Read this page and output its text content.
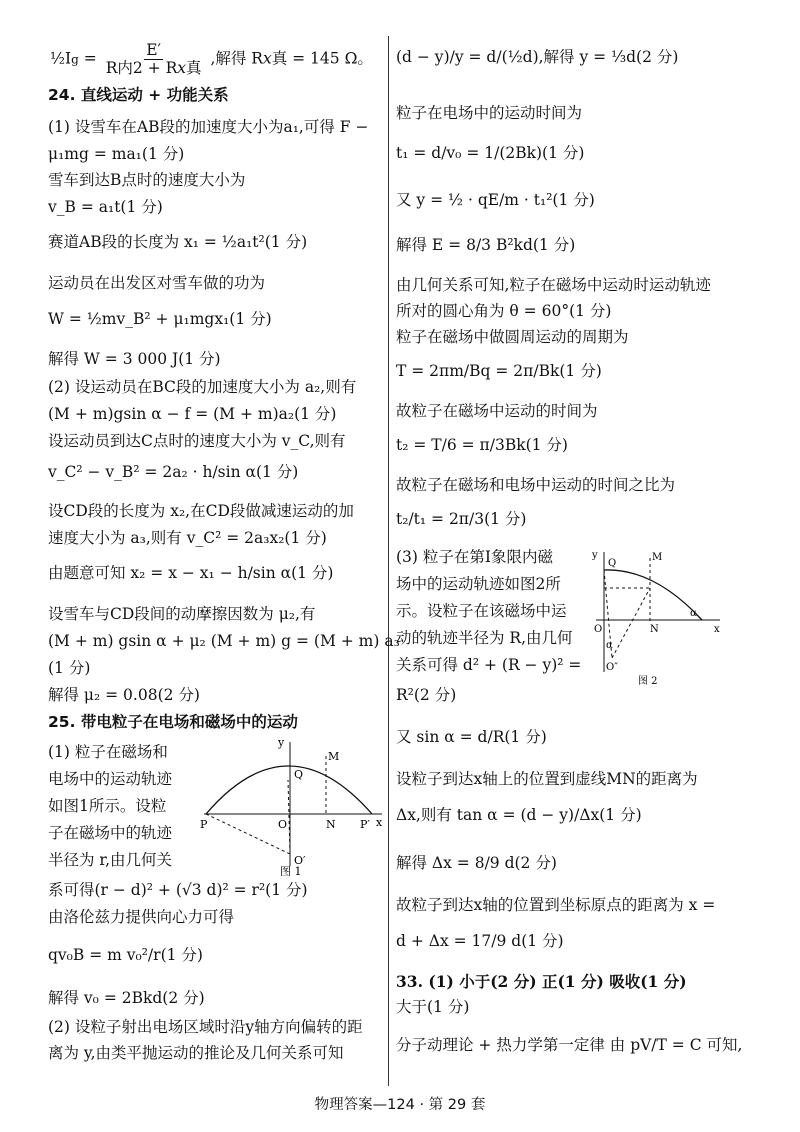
½Ig = $\frac{E'}{\text{R内2 + R𝑥真}}$ ,解得 R𝑥真 = 145 Ω。
24. 直线运动 + 功能关系
(1) 设雪车在AB段的加速度大小为a₁,可得 F −
μ₁mg = ma₁(1 分)
雪车到达B点时的速度大小为
v_B = a₁t(1 分)
赛道AB段的长度为 x₁ = ½a₁t²(1 分)
运动员在出发区对雪车做的功为
W = ½mv_B² + μ₁mgx₁(1 分)
解得 W = 3 000 J(1 分)
(2) 设运动员在BC段的加速度大小为 a₂,则有
(M + m)gsin α − f = (M + m)a₂(1 分)
设运动员到达C点时的速度大小为 v_C,则有
v_C² − v_B² = 2a₂ · h/sin α(1 分)
设CD段的长度为 x₂,在CD段做减速运动的加
速度大小为 a₃,则有 v_C² = 2a₃x₂(1 分)
由题意可知 x₂ = x − x₁ − h/sin α(1 分)
设雪车与CD段间的动摩擦因数为 μ₂,有
(M + m) gsin α + μ₂ (M + m) g = (M + m) a₃
(1 分)
解得 μ₂ = 0.08(2 分)
25. 带电粒子在电场和磁场中的运动
(1) 粒子在磁场和
电场中的运动轨迹
如图1所示。设粒
子在磁场中的轨迹
半径为 r,由几何关
系可得(r − d)² + (√3 d)² = r²(1 分)
由洛伦兹力提供向心力可得
qv₀B = m v₀²/r(1 分)
解得 v₀ = 2Bkd(2 分)
(2) 设粒子射出电场区域时沿y轴方向偏转的距
离为 y,由类平抛运动的推论及几何关系可知
y
x
O
Q
M
N
P	P′
O′
图 1
(d − y)/y = d/(½d),解得 y = ⅓d(2 分)
粒子在电场中的运动时间为
t₁ = d/v₀ = 1/(2Bk)(1 分)
又 y = ½ · qE/m · t₁²(1 分)
解得 E = 8/3 B²kd(1 分)
由几何关系可知,粒子在磁场中运动时运动轨迹
所对的圆心角为 θ = 60°(1 分)
粒子在磁场中做圆周运动的周期为
T = 2πm/Bq = 2π/Bk(1 分)
故粒子在磁场中运动的时间为
t₂ = T/6 = π/3Bk(1 分)
故粒子在磁场和电场中运动的时间之比为
t₂/t₁ = 2π/3(1 分)
(3) 粒子在第Ⅰ象限内磁
场中的运动轨迹如图2所
示。设粒子在该磁场中运
动的轨迹半径为 R,由几何
关系可得 d² + (R − y)² =
R²(2 分)
又 sin α = d/R(1 分)
设粒子到达x轴上的位置到虚线MN的距离为
Δx,则有 tan α = (d − y)/Δx(1 分)
解得 Δx = 8/9 d(2 分)
故粒子到达x轴的位置到坐标原点的距离为 x =
d + Δx = 17/9 d(1 分)
33. (1) 小于(2 分) 正(1 分) 吸收(1 分)
大于(1 分)
分子动理论 + 热力学第一定律 由 pV/T = C 可知,
y
x
O
Q
M
N
α
α
O″
图 2
物理答案—124 · 第 29 套
